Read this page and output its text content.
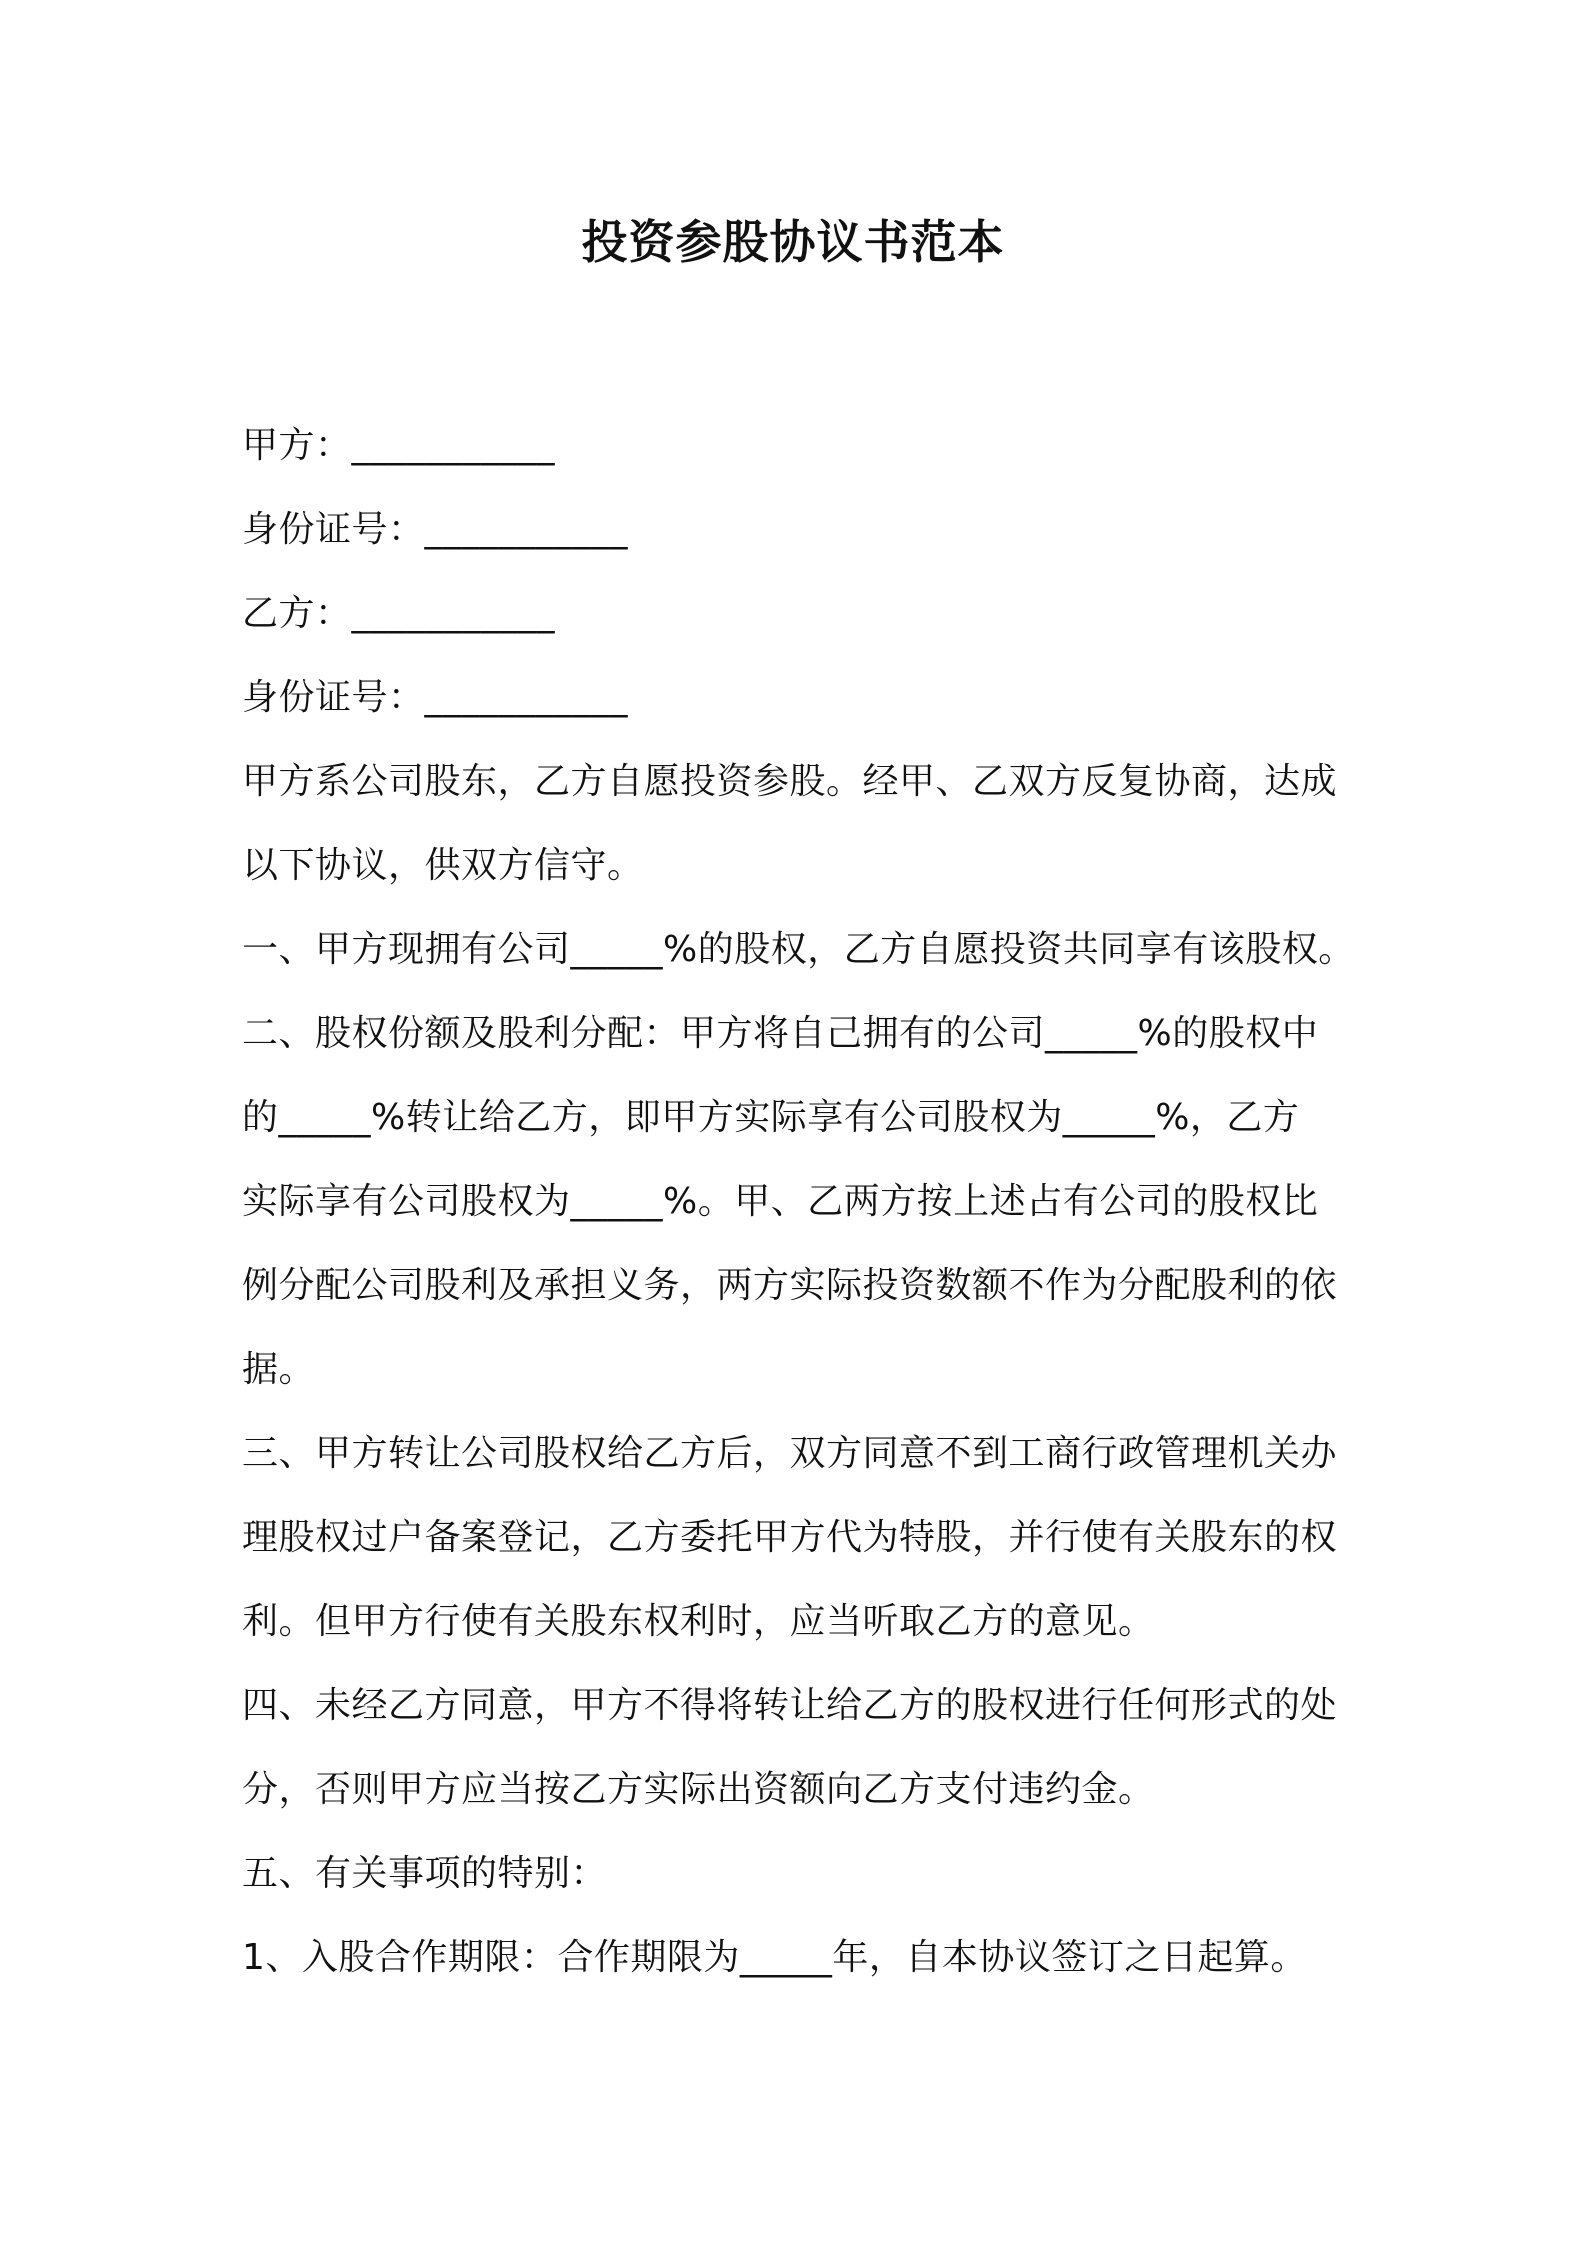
投资参股协议书范本
甲方：___________
身份证号：___________
乙方：___________
身份证号：___________
甲方系公司股东，乙方自愿投资参股。经甲、乙双方反复协商，达成
以下协议，供双方信守。
一、甲方现拥有公司_____%的股权，乙方自愿投资共同享有该股权。
二、股权份额及股利分配：甲方将自己拥有的公司_____%的股权中
的_____%转让给乙方，即甲方实际享有公司股权为_____%，乙方
实际享有公司股权为_____%。甲、乙两方按上述占有公司的股权比
例分配公司股利及承担义务，两方实际投资数额不作为分配股利的依
据。
三、甲方转让公司股权给乙方后，双方同意不到工商行政管理机关办
理股权过户备案登记，乙方委托甲方代为特股，并行使有关股东的权
利。但甲方行使有关股东权利时，应当听取乙方的意见。
四、未经乙方同意，甲方不得将转让给乙方的股权进行任何形式的处
分，否则甲方应当按乙方实际出资额向乙方支付违约金。
五、有关事项的特别：
1、入股合作期限：合作期限为_____年，自本协议签订之日起算。
